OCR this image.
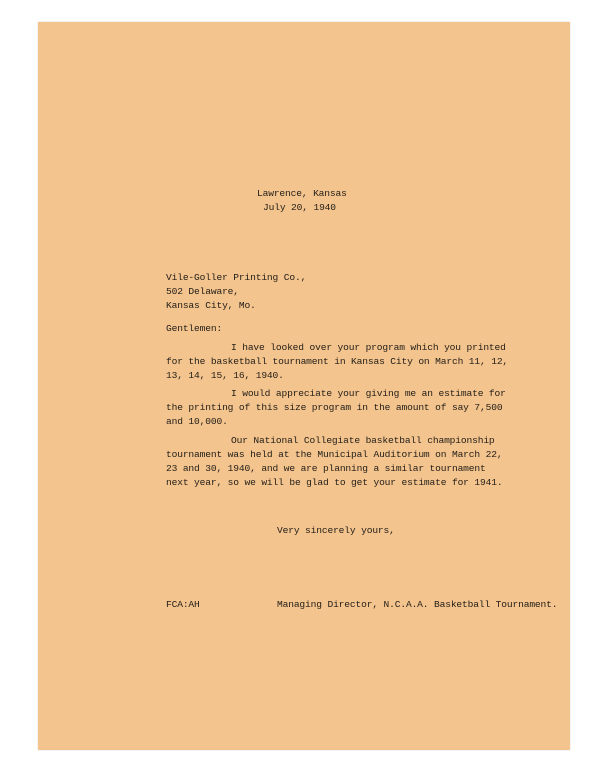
Lawrence, Kansas
July 20, 1940
Vile-Goller Printing Co.,
502 Delaware,
Kansas City, Mo.
Gentlemen:
I have looked over your program which you printed
for the basketball tournament in Kansas City on March 11, 12,
13, 14, 15, 16, 1940.
I would appreciate your giving me an estimate for
the printing of this size program in the amount of say 7,500
and 10,000.
Our National Collegiate basketball championship
tournament was held at the Municipal Auditorium on March 22,
23 and 30, 1940, and we are planning a similar tournament
next year, so we will be glad to get your estimate for 1941.
Very sincerely yours,
FCA:AH	Managing Director, N.C.A.A. Basketball Tournament.
